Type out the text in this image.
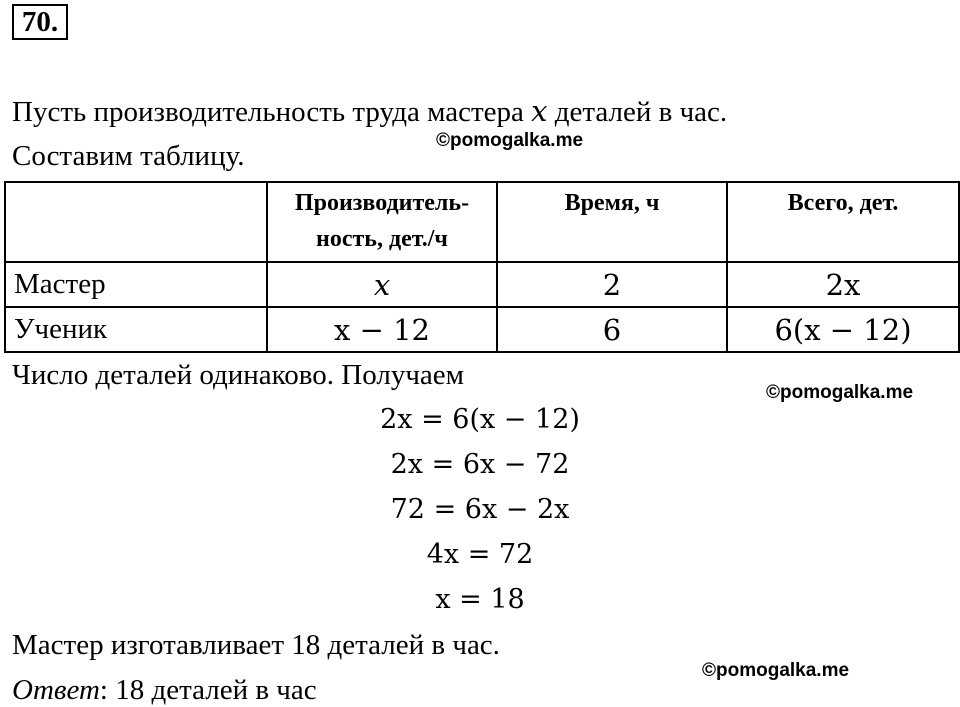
70.
Пусть производительность труда мастера x деталей в час.
©pomogalka.me
Составим таблицу.
	Производитель-
ность, дет./ч	Время, ч	Всего, дет.
Мастер	x	2	2x
Ученик	x − 12	6	6(x − 12)
Число деталей одинаково. Получаем
©pomogalka.me
2x = 6(x − 12)
2x = 6x − 72
72 = 6x − 2x
4x = 72
x = 18
Мастер изготавливает 18 деталей в час.
©pomogalka.me
Ответ: 18 деталей в час
